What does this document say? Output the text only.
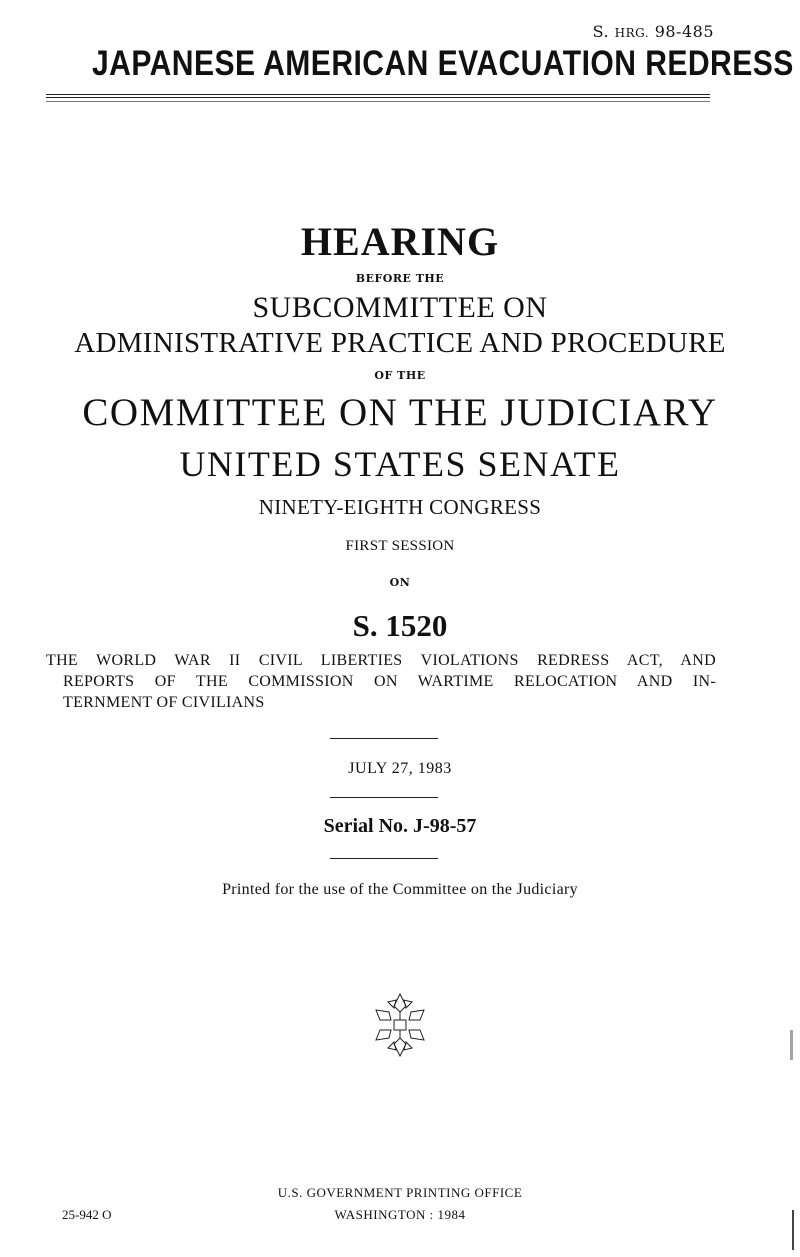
S. HRG. 98-485
JAPANESE AMERICAN EVACUATION REDRESS
HEARING
BEFORE THE
SUBCOMMITTEE ON
ADMINISTRATIVE PRACTICE AND PROCEDURE
OF THE
COMMITTEE ON THE JUDICIARY
UNITED STATES SENATE
NINETY-EIGHTH CONGRESS
FIRST SESSION
ON
S. 1520
THE WORLD WAR II CIVIL LIBERTIES VIOLATIONS REDRESS ACT, AND
REPORTS OF THE COMMISSION ON WARTIME RELOCATION AND IN-
TERNMENT OF CIVILIANS
JULY 27, 1983
Serial No. J-98-57
Printed for the use of the Committee on the Judiciary
U.S. GOVERNMENT PRINTING OFFICE
WASHINGTON : 1984
25-942 O
